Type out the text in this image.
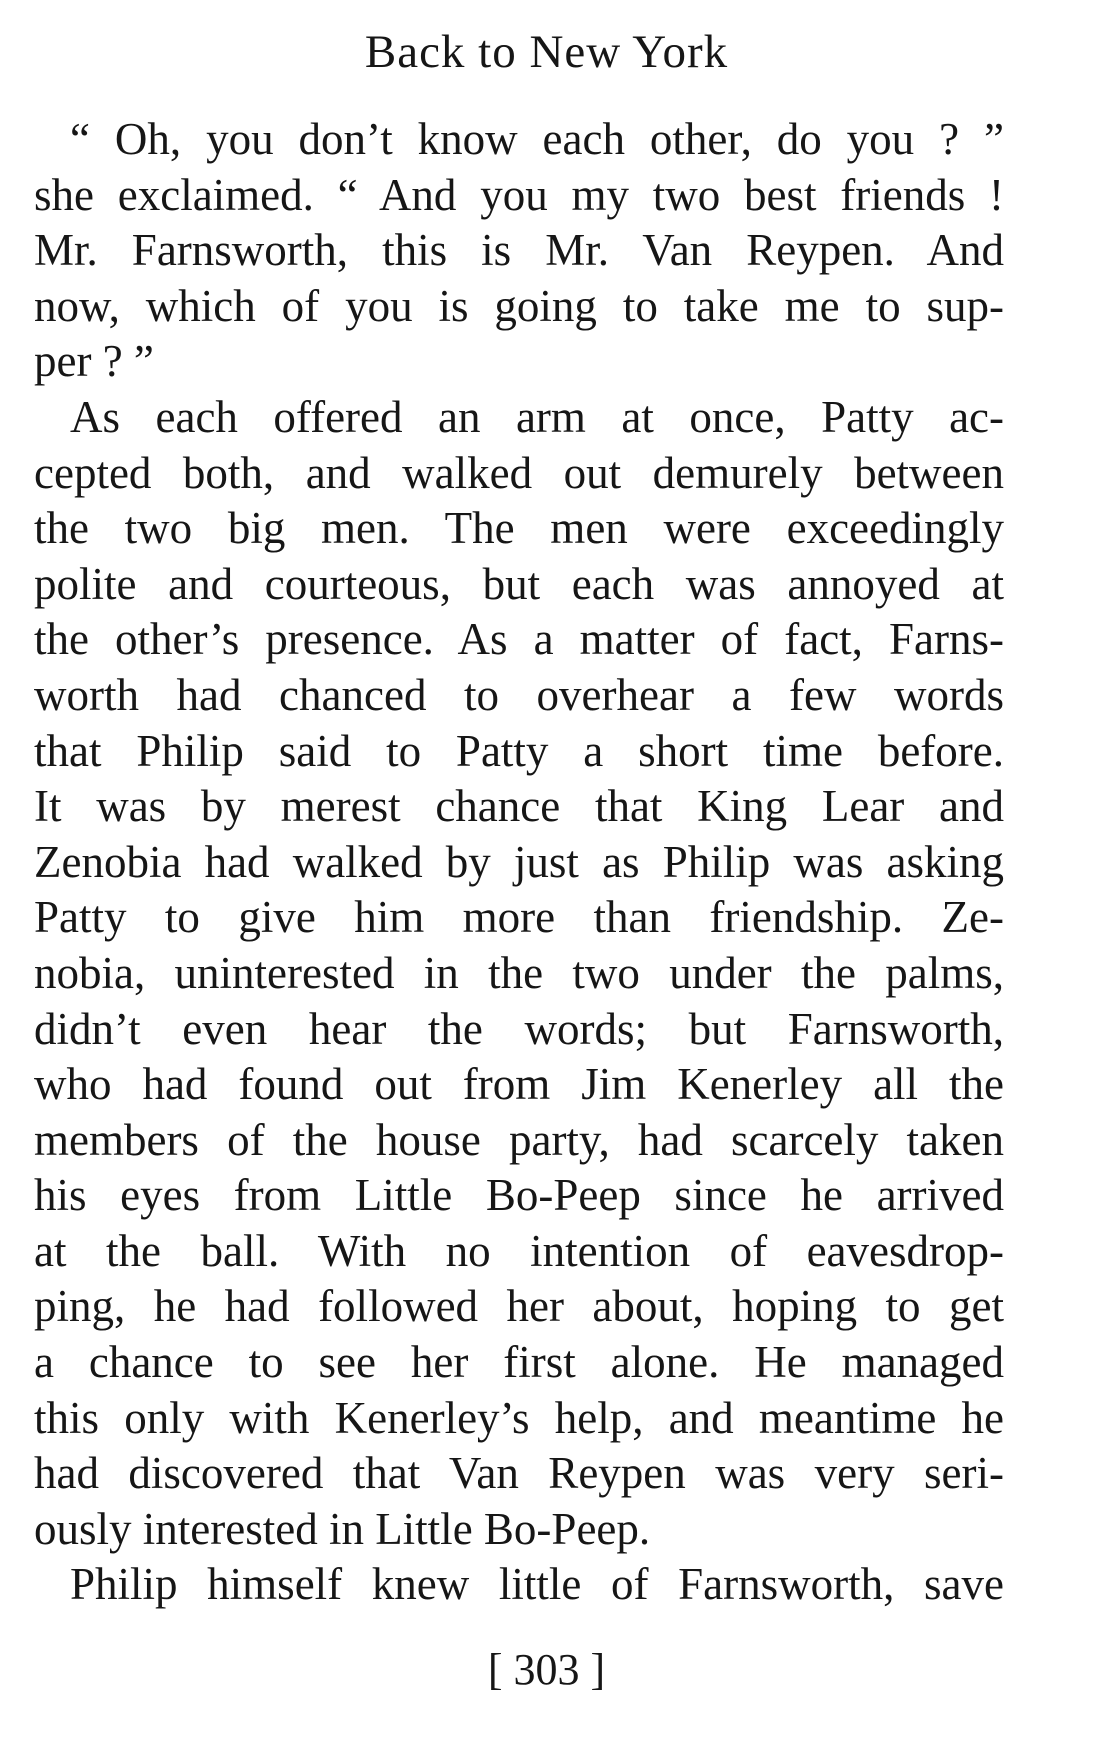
Back to New York
“ Oh, you don’t know each other, do you ? ”
she exclaimed. “ And you my two best friends !
Mr. Farnsworth, this is Mr. Van Reypen. And
now, which of you is going to take me to sup-
per ? ”
As each offered an arm at once, Patty ac-
cepted both, and walked out demurely between
the two big men. The men were exceedingly
polite and courteous, but each was annoyed at
the other’s presence. As a matter of fact, Farns-
worth had chanced to overhear a few words
that Philip said to Patty a short time before.
It was by merest chance that King Lear and
Zenobia had walked by just as Philip was asking
Patty to give him more than friendship. Ze-
nobia, uninterested in the two under the palms,
didn’t even hear the words; but Farnsworth,
who had found out from Jim Kenerley all the
members of the house party, had scarcely taken
his eyes from Little Bo-Peep since he arrived
at the ball. With no intention of eavesdrop-
ping, he had followed her about, hoping to get
a chance to see her first alone. He managed
this only with Kenerley’s help, and meantime he
had discovered that Van Reypen was very seri-
ously interested in Little Bo-Peep.
Philip himself knew little of Farnsworth, save
[ 303 ]
